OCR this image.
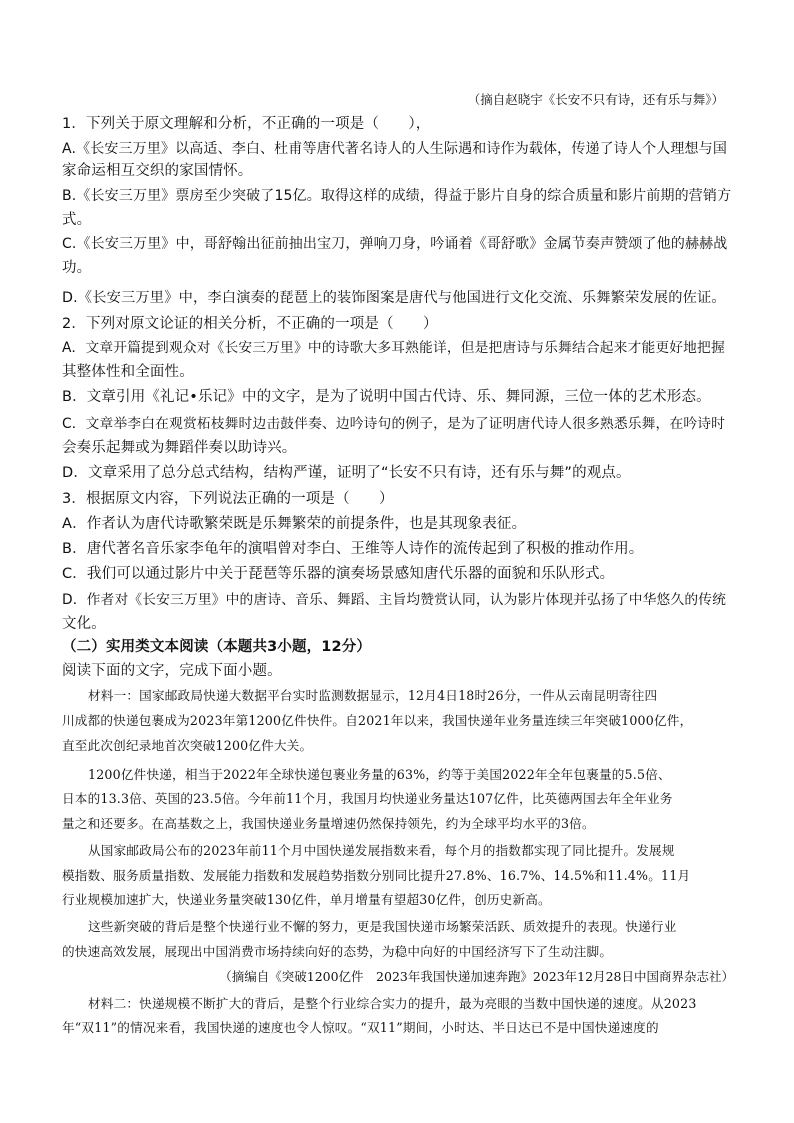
（摘自赵晓宇《长安不只有诗，还有乐与舞》）
1．下列关于原文理解和分析，不正确的一项是（　　），
A.《长安三万里》以高适、李白、杜甫等唐代著名诗人的人生际遇和诗作为载体，传递了诗人个人理想与国
家命运相互交织的家国情怀。
B.《长安三万里》票房至少突破了15亿。取得这样的成绩，得益于影片自身的综合质量和影片前期的营销方
式。
C.《长安三万里》中，哥舒翰出征前抽出宝刀，弹响刀身，吟诵着《哥舒歌》金属节奏声赞颂了他的赫赫战
功。
D.《长安三万里》中，李白演奏的琵琶上的装饰图案是唐代与他国进行文化交流、乐舞繁荣发展的佐证。
2．下列对原文论证的相关分析，不正确的一项是（　　）
A．文章开篇提到观众对《长安三万里》中的诗歌大多耳熟能详，但是把唐诗与乐舞结合起来才能更好地把握
其整体性和全面性。
B．文章引用《礼记•乐记》中的文字，是为了说明中国古代诗、乐、舞同源，三位一体的艺术形态。
C．文章举李白在观赏柘枝舞时边击鼓伴奏、边吟诗句的例子，是为了证明唐代诗人很多熟悉乐舞，在吟诗时
会奏乐起舞或为舞蹈伴奏以助诗兴。
D．文章采用了总分总式结构，结构严谨，证明了“长安不只有诗，还有乐与舞”的观点。
3．根据原文内容，下列说法正确的一项是（　　）
A．作者认为唐代诗歌繁荣既是乐舞繁荣的前提条件，也是其现象表征。
B．唐代著名音乐家李龟年的演唱曾对李白、王维等人诗作的流传起到了积极的推动作用。
C．我们可以通过影片中关于琵琶等乐器的演奏场景感知唐代乐器的面貌和乐队形式。
D．作者对《长安三万里》中的唐诗、音乐、舞蹈、主旨均赞赏认同，认为影片体现并弘扬了中华悠久的传统
文化。
（二）实用类文本阅读（本题共3小题，12分）
阅读下面的文字，完成下面小题。
材料一：国家邮政局快递大数据平台实时监测数据显示，12月4日18时26分，一件从云南昆明寄往四
川成都的快递包裹成为2023年第1200亿件快件。自2021年以来，我国快递年业务量连续三年突破1000亿件，
直至此次创纪录地首次突破1200亿件大关。
1200亿件快递，相当于2022年全球快递包裹业务量的63%，约等于美国2022年全年包裹量的5.5倍、
日本的13.3倍、英国的23.5倍。今年前11个月，我国月均快递业务量达107亿件，比英德两国去年全年业务
量之和还要多。在高基数之上，我国快递业务量增速仍然保持领先，约为全球平均水平的3倍。
从国家邮政局公布的2023年前11个月中国快递发展指数来看，每个月的指数都实现了同比提升。发展规
模指数、服务质量指数、发展能力指数和发展趋势指数分别同比提升27.8%、16.7%、14.5%和11.4%。11月
行业规模加速扩大，快递业务量突破130亿件，单月增量有望超30亿件，创历史新高。
这些新突破的背后是整个快递行业不懈的努力，更是我国快递市场繁荣活跃、质效提升的表现。快递行业
的快速高效发展，展现出中国消费市场持续向好的态势，为稳中向好的中国经济写下了生动注脚。
（摘编自《突破1200亿件　2023年我国快递加速奔跑》2023年12月28日中国商界杂志社）
材料二：快递规模不断扩大的背后，是整个行业综合实力的提升，最为亮眼的当数中国快递的速度。从2023
年“双11”的情况来看，我国快递的速度也令人惊叹。“双11”期间，小时达、半日达已不是中国快递速度的
